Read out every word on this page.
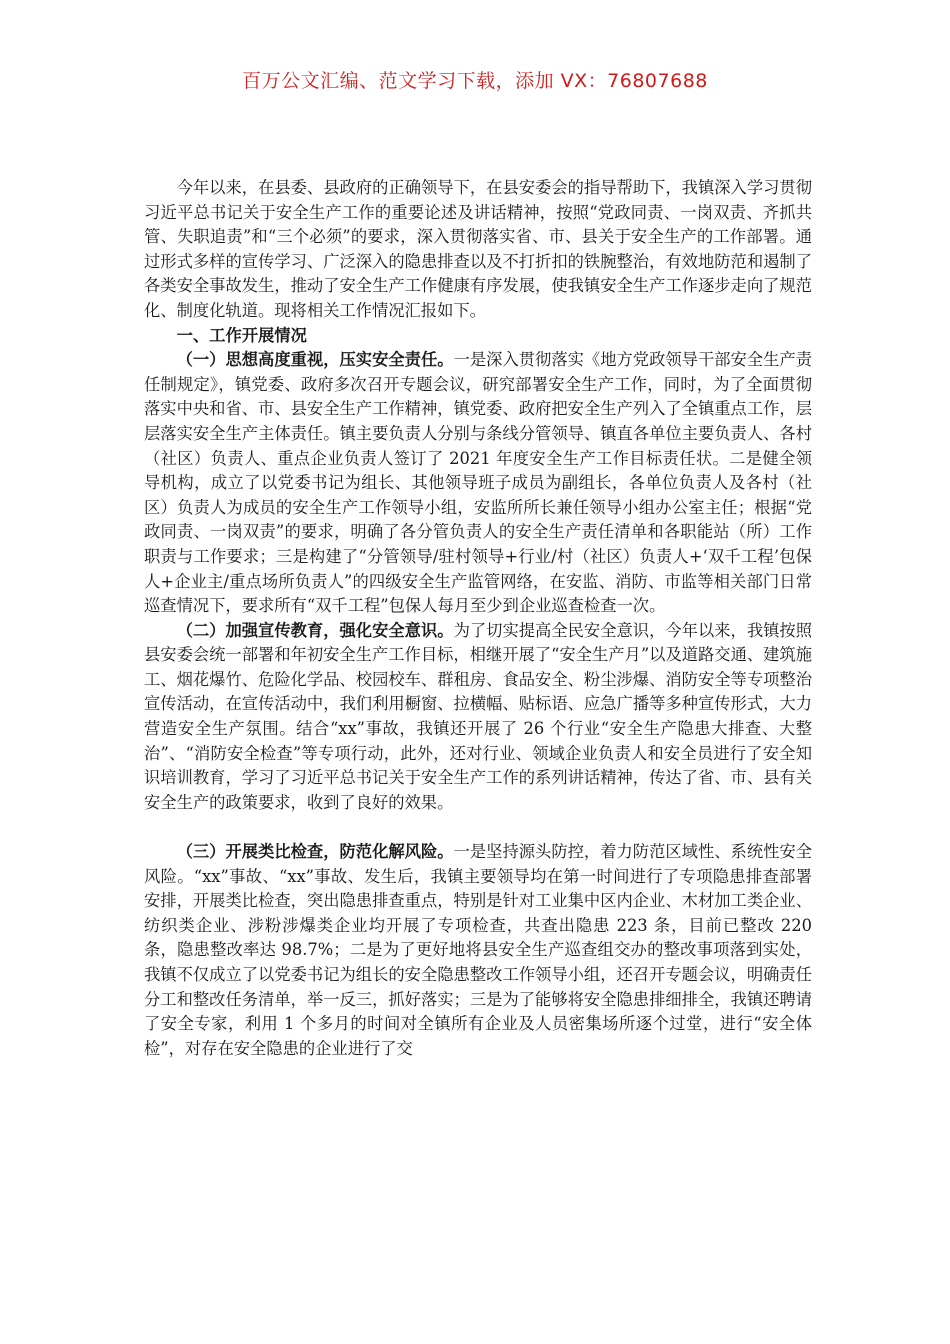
百万公文汇编、范文学习下载，添加 VX：76807688

今年以来，在县委、县政府的正确领导下，在县安委会的指导帮助下，我镇深入学习贯彻习近平总书记关于安全生产工作的重要论述及讲话精神，按照“党政同责、一岗双责、齐抓共管、失职追责”和“三个必须”的要求，深入贯彻落实省、市、县关于安全生产的工作部署。通过形式多样的宣传学习、广泛深入的隐患排查以及不打折扣的铁腕整治，有效地防范和遏制了各类安全事故发生，推动了安全生产工作健康有序发展，使我镇安全生产工作逐步走向了规范化、制度化轨道。现将相关工作情况汇报如下。

一、工作开展情况

（一）思想高度重视，压实安全责任。一是深入贯彻落实《地方党政领导干部安全生产责任制规定》，镇党委、政府多次召开专题会议，研究部署安全生产工作，同时，为了全面贯彻落实中央和省、市、县安全生产工作精神，镇党委、政府把安全生产列入了全镇重点工作，层层落实安全生产主体责任。镇主要负责人分别与条线分管领导、镇直各单位主要负责人、各村（社区）负责人、重点企业负责人签订了 2021 年度安全生产工作目标责任状。二是健全领导机构，成立了以党委书记为组长、其他领导班子成员为副组长，各单位负责人及各村（社区）负责人为成员的安全生产工作领导小组，安监所所长兼任领导小组办公室主任；根据“党政同责、一岗双责”的要求，明确了各分管负责人的安全生产责任清单和各职能站（所）工作职责与工作要求；三是构建了“分管领导/驻村领导+行业/村（社区）负责人+‘双千工程’包保人+企业主/重点场所负责人”的四级安全生产监管网络，在安监、消防、市监等相关部门日常巡查情况下，要求所有“双千工程”包保人每月至少到企业巡查检查一次。

（二）加强宣传教育，强化安全意识。为了切实提高全民安全意识，今年以来，我镇按照县安委会统一部署和年初安全生产工作目标，相继开展了“安全生产月”以及道路交通、建筑施工、烟花爆竹、危险化学品、校园校车、群租房、食品安全、粉尘涉爆、消防安全等专项整治宣传活动，在宣传活动中，我们利用橱窗、拉横幅、贴标语、应急广播等多种宣传形式，大力营造安全生产氛围。结合“xx”事故，我镇还开展了 26 个行业“安全生产隐患大排查、大整治”、“消防安全检查”等专项行动，此外，还对行业、领域企业负责人和安全员进行了安全知识培训教育，学习了习近平总书记关于安全生产工作的系列讲话精神，传达了省、市、县有关安全生产的政策要求，收到了良好的效果。

（三）开展类比检查，防范化解风险。一是坚持源头防控，着力防范区域性、系统性安全风险。“xx”事故、“xx”事故、发生后，我镇主要领导均在第一时间进行了专项隐患排查部署安排，开展类比检查，突出隐患排查重点，特别是针对工业集中区内企业、木材加工类企业、纺织类企业、涉粉涉爆类企业均开展了专项检查，共查出隐患 223 条，目前已整改 220 条，隐患整改率达 98.7%；二是为了更好地将县安全生产巡查组交办的整改事项落到实处，我镇不仅成立了以党委书记为组长的安全隐患整改工作领导小组，还召开专题会议，明确责任分工和整改任务清单，举一反三，抓好落实；三是为了能够将安全隐患排细排全，我镇还聘请了安全专家，利用 1 个多月的时间对全镇所有企业及人员密集场所逐个过堂，进行“安全体检”，对存在安全隐患的企业进行了交
